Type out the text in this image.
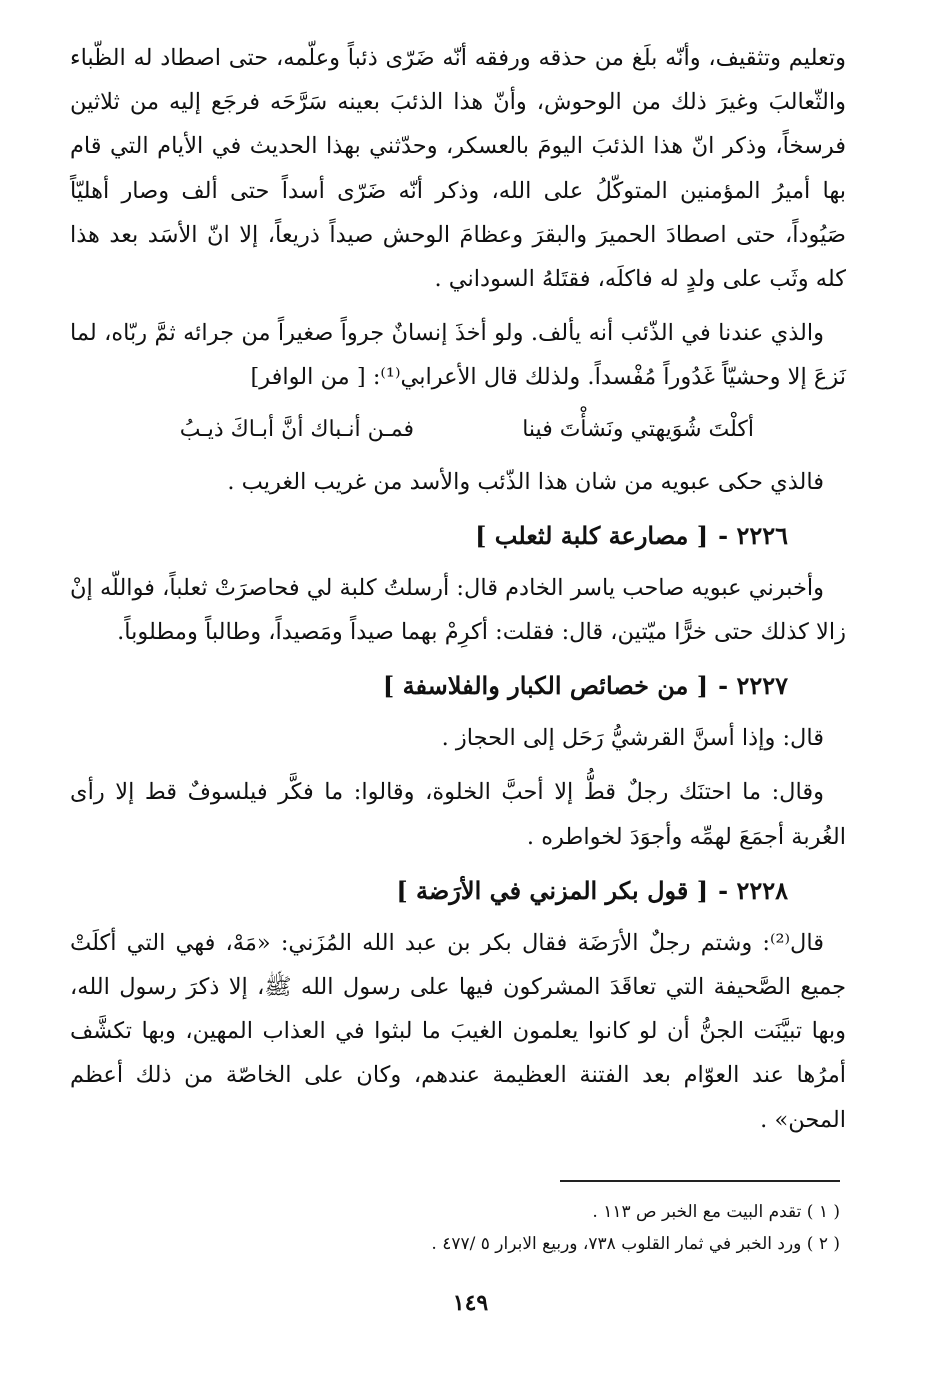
وتعليم وتثقيف، وأنّه بلَغ من حذقه ورفقه أنّه ضَرّى ذئباً وعلّمه، حتى اصطاد له الظّباء والثّعالبَ وغيرَ ذلك من الوحوش، وأنّ هذا الذئبَ بعينه سَرَّحَه فرجَع إليه من ثلاثين فرسخاً، وذكر انّ هذا الذئبَ اليومَ بالعسكر، وحدّثني بهذا الحديث في الأيام التي قام بها أميرُ المؤمنين المتوكّلُ على الله، وذكر أنّه ضَرّى أسداً حتى ألف وصار أهليّاً صَيُوداً، حتى اصطادَ الحميرَ والبقرَ وعظامَ الوحش صيداً ذريعاً، إلا انّ الأسَد بعد هذا كله وثَب على ولدٍ له فاكلَه، فقتَلهُ السوداني .

والذي عندنا في الذّئب أنه يألف. ولو أخذَ إنسانٌ جرواً صغيراً من جرائه ثمَّ ربّاه، لما نَزعَ إلا وحشيّاً غَدُوراً مُفْسداً. ولذلك قال الأعرابي⁽¹⁾: [ من الوافر]

أكلْتَ شُوَيهتي ونَشأْتَ فينا
فمـن أنـباك أنَّ أبـاكَ ذيـبُ

فالذي حكى عبويه من شان هذا الذّئب والأسد من غريب الغريب .

٢٢٢٦ -[ مصارعة كلبة لثعلب ]

وأخبرني عبويه صاحب ياسر الخادم قال: أرسلتُ كلبة لي فحاصرَتْ ثعلباً، فواللّه إنْ زالا كذلك حتى خرًّا ميّتين، قال: فقلت: أكرِمْ بهما صيداً ومَصيداً، وطالباً ومطلوباً.

٢٢٢٧ -[ من خصائص الكبار والفلاسفة ]

قال: وإذا أسنَّ القرشيُّ رَحَل إلى الحجاز .

وقال: ما احتنَك رجلٌ قطُّ إلا أحبَّ الخلوة، وقالوا: ما فكَّر فيلسوفٌ قط إلا رأى الغُربة أجمَعَ لهمِّه وأجوَدَ لخواطره .

٢٢٢٨ -[ قول بكر المزني في الأرَضة ]

قال⁽²⁾: وشتم رجلٌ الأرَضَة فقال بكر بن عبد الله المُزَني: «مَهْ، فهي التي أكلَتْ جميع الصَّحيفة التي تعاقَدَ المشركون فيها على رسول الله ﷺ، إلا ذكرَ رسول الله، وبها تبيَّنَت الجنُّ أن لو كانوا يعلمون الغيبَ ما لبثوا في العذاب المهين، وبها تكشَّف أمرُها عند العوّام بعد الفتنة العظيمة عندهم، وكان على الخاصّة من ذلك أعظم المحن» .

( ١ ) تقدم البيت مع الخبر ص ١١٣ .

( ٢ ) ورد الخبر في ثمار القلوب ٧٣٨، وربيع الابرار ٥ /٤٧٧ .

١٤٩
